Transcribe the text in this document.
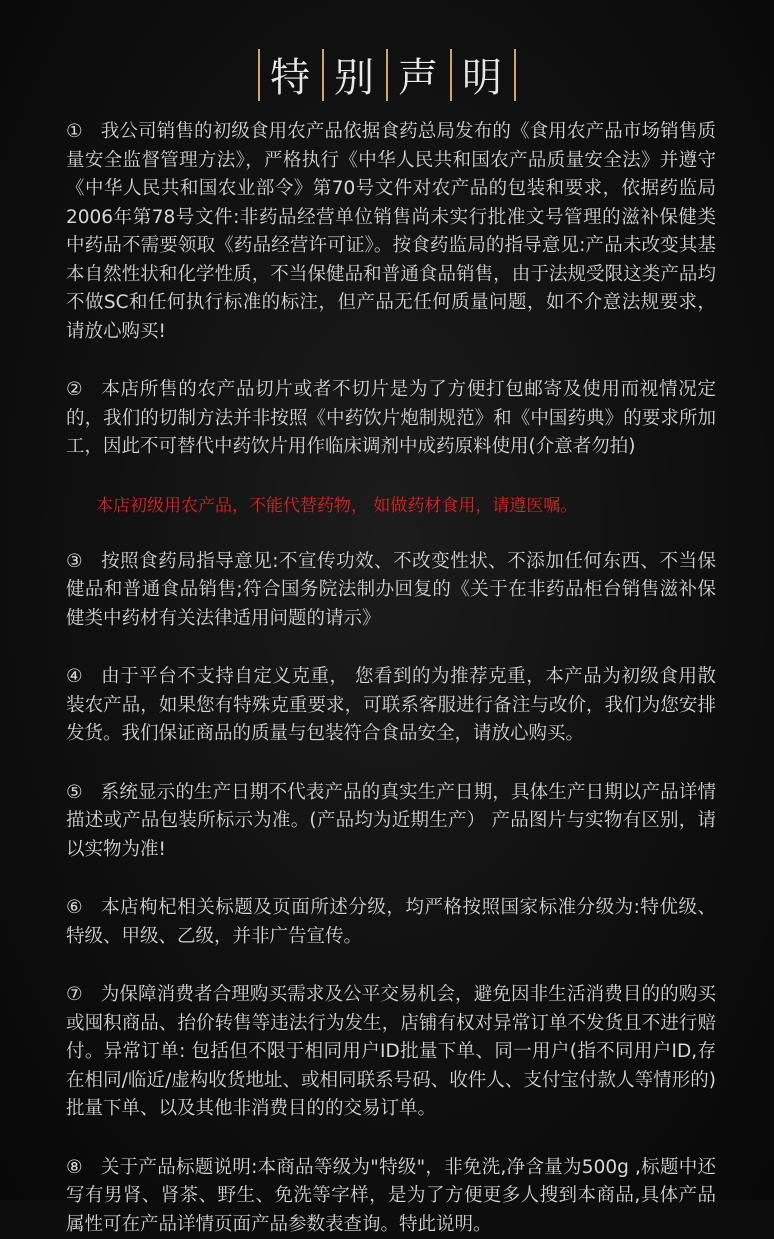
特 别 声 明

① 我公司销售的初级食用农产品依据食药总局发布的《食用农产品市场销售质量安全监督管理方法》，严格执行《中华人民共和国农产品质量安全法》并遵守《中华人民共和国农业部令》第70号文件对农产品的包装和要求，依据药监局2006年第78号文件:非药品经营单位销售尚未实行批准文号管理的滋补保健类中药品不需要领取《药品经营许可证》。按食药监局的指导意见:产品未改变其基本自然性状和化学性质，不当保健品和普通食品销售，由于法规受限这类产品均不做SC和任何执行标准的标注，但产品无任何质量问题，如不介意法规要求，请放心购买!

② 本店所售的农产品切片或者不切片是为了方便打包邮寄及使用而视情况定的，我们的切制方法并非按照《中药饮片炮制规范》和《中国药典》的要求所加工，因此不可替代中药饮片用作临床调剂中成药原料使用(介意者勿拍)

本店初级用农产品，不能代替药物， 如做药材食用，请遵医嘱。

③ 按照食药局指导意见:不宣传功效、不改变性状、不添加任何东西、不当保健品和普通食品销售;符合国务院法制办回复的《关于在非药品柜台销售滋补保健类中药材有关法律适用问题的请示》

④ 由于平台不支持自定义克重， 您看到的为推荐克重，本产品为初级食用散装农产品，如果您有特殊克重要求，可联系客服进行备注与改价，我们为您安排发货。我们保证商品的质量与包装符合食品安全，请放心购买。

⑤ 系统显示的生产日期不代表产品的真实生产日期，具体生产日期以产品详情描述或产品包装所标示为准。(产品均为近期生产） 产品图片与实物有区别，请以实物为准!

⑥ 本店枸杞相关标题及页面所述分级，均严格按照国家标准分级为:特优级、特级、甲级、乙级，并非广告宣传。

⑦ 为保障消费者合理购买需求及公平交易机会，避免因非生活消费目的的购买或囤积商品、抬价转售等违法行为发生，店铺有权对异常订单不发货且不进行赔付。异常订单: 包括但不限于相同用户ID批量下单、同一用户(指不同用户ID,存在相同/临近/虚构收货地址、或相同联系号码、收件人、支付宝付款人等情形的)批量下单、以及其他非消费目的的交易订单。

⑧ 关于产品标题说明:本商品等级为"特级"，非免洗,净含量为500g ,标题中还写有男肾、肾茶、野生、免洗等字样，是为了方便更多人搜到本商品,具体产品属性可在产品详情页面产品参数表查询。特此说明。
